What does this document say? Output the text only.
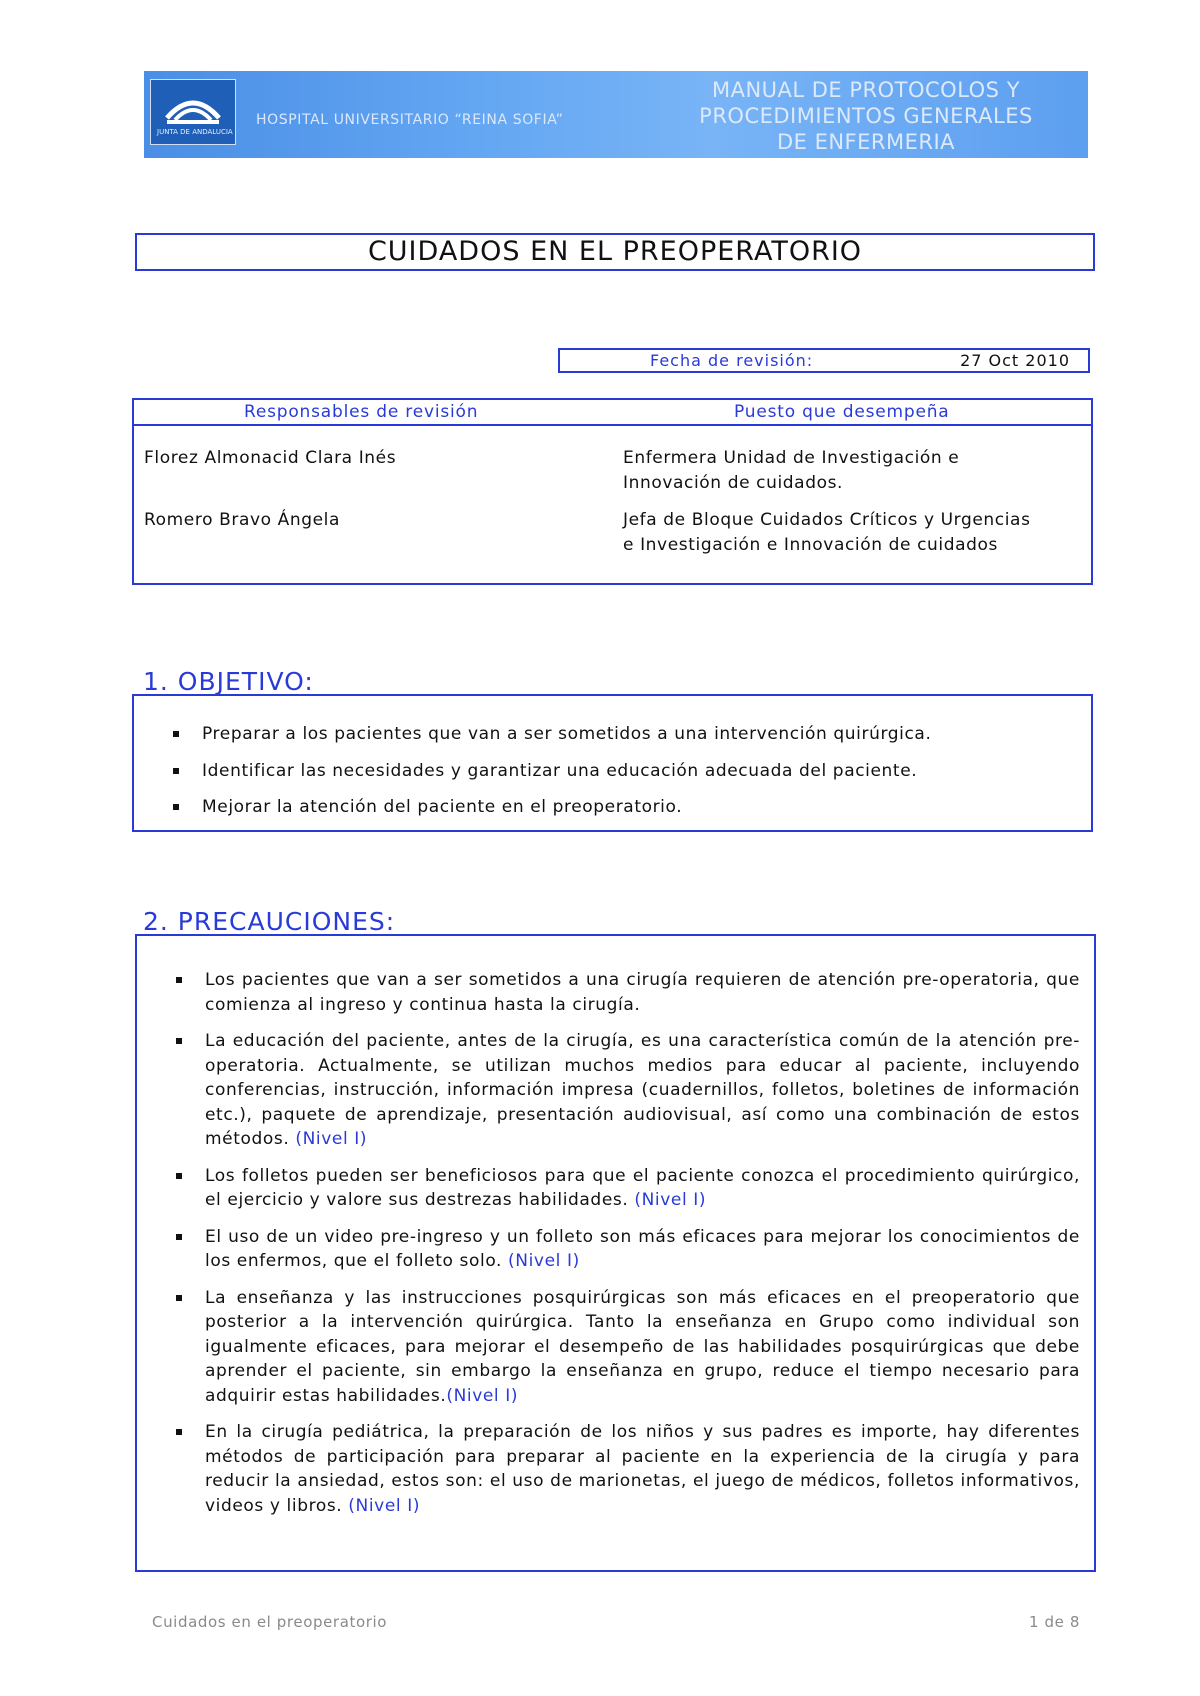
JUNTA DE ANDALUCIA
HOSPITAL UNIVERSITARIO “REINA SOFIA”
MANUAL DE PROTOCOLOS Y
PROCEDIMIENTOS GENERALES
DE ENFERMERIA
CUIDADOS EN EL PREOPERATORIO
Fecha de revisión:	27 Oct 2010
Responsables de revisión	Puesto que desempeña
Florez Almonacid Clara Inés	Enfermera Unidad de Investigación e
Innovación de cuidados.
Romero Bravo Ángela	Jefa de Bloque Cuidados Críticos y Urgencias
e Investigación e Innovación de cuidados
1. OBJETIVO:
Preparar a los pacientes que van a ser sometidos a una intervención quirúrgica.
Identificar las necesidades y garantizar una educación adecuada del paciente.
Mejorar la atención del paciente en el preoperatorio.
2. PRECAUCIONES:
Los pacientes que van a ser sometidos a una cirugía requieren de atención pre-operatoria, que comienza al ingreso y continua hasta la cirugía.
La educación del paciente, antes de la cirugía, es una característica común de la atención pre-operatoria. Actualmente, se utilizan muchos medios para educar al paciente, incluyendo conferencias, instrucción, información impresa (cuadernillos, folletos, boletines de información etc.), paquete de aprendizaje, presentación audiovisual, así como una combinación de estos métodos. (Nivel I)
Los folletos pueden ser beneficiosos para que el paciente conozca el procedimiento quirúrgico, el ejercicio y valore sus destrezas habilidades. (Nivel I)
El uso de un video pre-ingreso y un folleto son más eficaces para mejorar los conocimientos de los enfermos, que el folleto solo. (Nivel I)
La enseñanza y las instrucciones posquirúrgicas son más eficaces en el preoperatorio que posterior a la intervención quirúrgica. Tanto la enseñanza en Grupo como individual son igualmente eficaces, para mejorar el desempeño de las habilidades posquirúrgicas que debe aprender el paciente, sin embargo la enseñanza en grupo, reduce el tiempo necesario para adquirir estas habilidades.(Nivel I)
En la cirugía pediátrica, la preparación de los niños y sus padres es importe, hay diferentes métodos de participación para preparar al paciente en la experiencia de la cirugía y para reducir la ansiedad, estos son: el uso de marionetas, el juego de médicos, folletos informativos, videos y libros. (Nivel I)
Cuidados en el preoperatorio	1 de 8
